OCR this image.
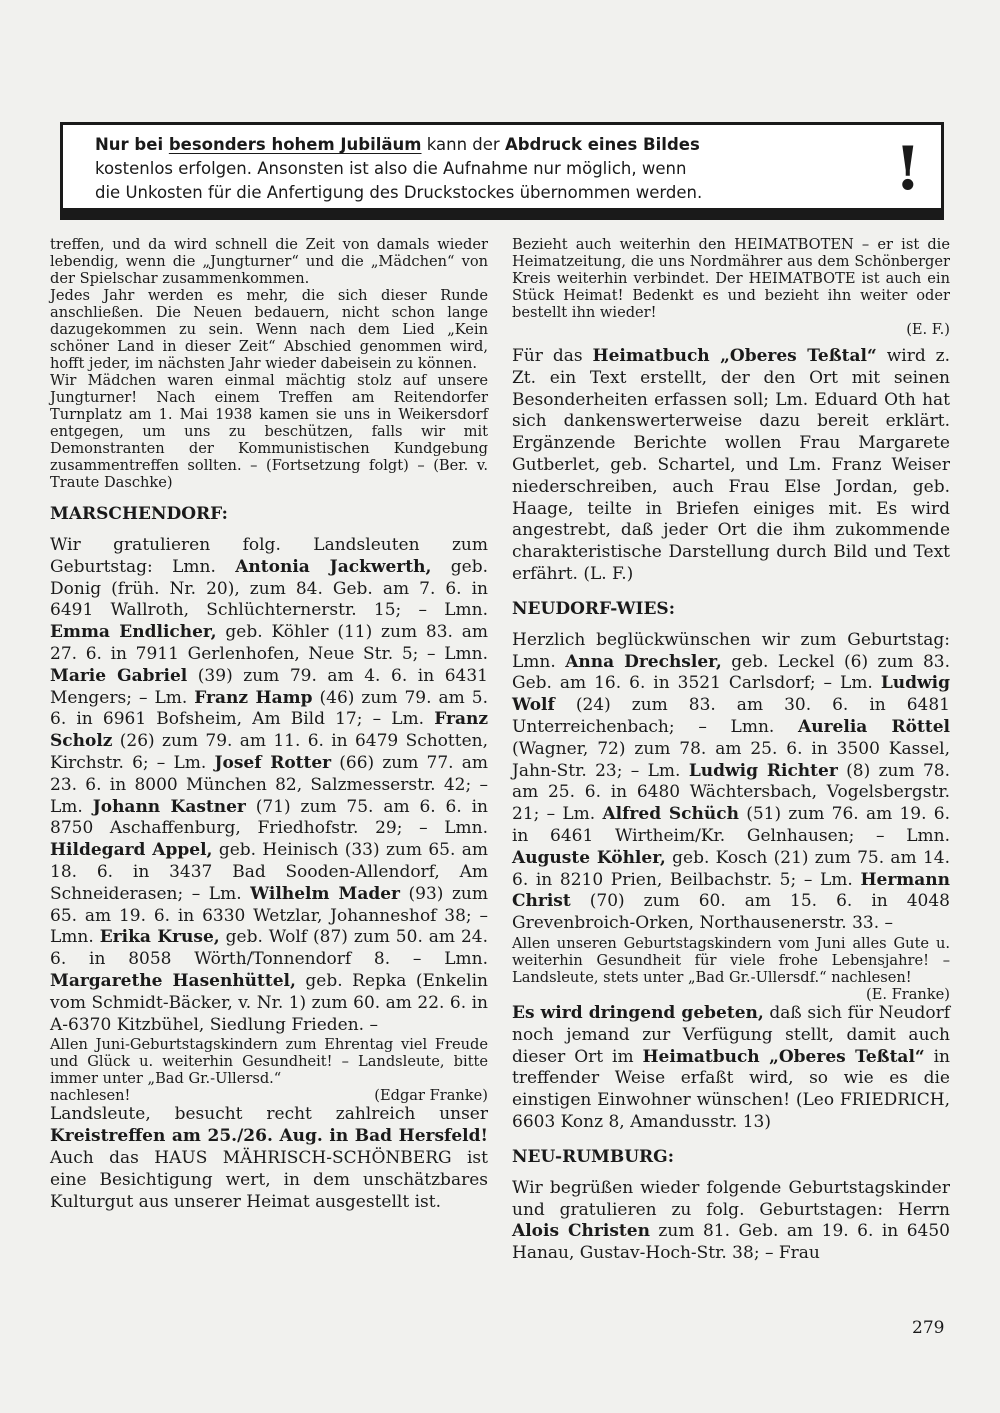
Nur bei besonders hohem Jubiläum kann der Abdruck eines Bildes
kostenlos erfolgen. Ansonsten ist also die Aufnahme nur möglich, wenn
die Unkosten für die Anfertigung des Druckstockes übernommen werden.	!

treffen, und da wird schnell die Zeit von damals wieder lebendig, wenn die „Jungturner“ und die „Mädchen“ von der Spielschar zusammenkommen.

Jedes Jahr werden es mehr, die sich dieser Runde anschließen. Die Neuen bedauern, nicht schon lange dazugekommen zu sein. Wenn nach dem Lied „Kein schöner Land in dieser Zeit“ Abschied genommen wird, hofft jeder, im nächsten Jahr wieder dabeisein zu können.

Wir Mädchen waren einmal mächtig stolz auf unsere Jungturner! Nach einem Treffen am Reitendorfer Turnplatz am 1. Mai 1938 kamen sie uns in Weikersdorf entgegen, um uns zu beschützen, falls wir mit Demonstranten der Kommunistischen Kundgebung zusammentreffen sollten. – (Fortsetzung folgt) – (Ber. v. Traute Daschke)

MARSCHENDORF:

Wir gratulieren folg. Landsleuten zum Geburtstag: Lmn. Antonia Jackwerth, geb. Donig (früh. Nr. 20), zum 84. Geb. am 7. 6. in 6491 Wallroth, Schlüchternerstr. 15; – Lmn. Emma Endlicher, geb. Köhler (11) zum 83. am 27. 6. in 7911 Gerlenhofen, Neue Str. 5; – Lmn. Marie Gabriel (39) zum 79. am 4. 6. in 6431 Mengers; – Lm. Franz Hamp (46) zum 79. am 5. 6. in 6961 Bofsheim, Am Bild 17; – Lm. Franz Scholz (26) zum 79. am 11. 6. in 6479 Schotten, Kirchstr. 6; – Lm. Josef Rotter (66) zum 77. am 23. 6. in 8000 München 82, Salzmesserstr. 42; – Lm. Johann Kastner (71) zum 75. am 6. 6. in 8750 Aschaffenburg, Friedhofstr. 29; – Lmn. Hildegard Appel, geb. Heinisch (33) zum 65. am 18. 6. in 3437 Bad Sooden-Allendorf, Am Schneiderasen; – Lm. Wilhelm Mader (93) zum 65. am 19. 6. in 6330 Wetzlar, Johanneshof 38; – Lmn. Erika Kruse, geb. Wolf (87) zum 50. am 24. 6. in 8058 Wörth/Tonnendorf 8. – Lmn. Margarethe Hasenhüttel, geb. Repka (Enkelin vom Schmidt-Bäcker, v. Nr. 1) zum 60. am 22. 6. in A-6370 Kitzbühel, Siedlung Frieden. –

Allen Juni-Geburtstagskindern zum Ehrentag viel Freude und Glück u. weiterhin Gesundheit! – Landsleute, bitte immer unter „Bad Gr.-Ullersd.“

nachlesen!	(Edgar Franke)

Landsleute, besucht recht zahlreich unser Kreistreffen am 25./26. Aug. in Bad Hersfeld! Auch das HAUS MÄHRISCH-SCHÖNBERG ist eine Besichtigung wert, in dem unschätzbares Kulturgut aus unserer Heimat ausgestellt ist.

Bezieht auch weiterhin den HEIMATBOTEN – er ist die Heimatzeitung, die uns Nordmährer aus dem Schönberger Kreis weiterhin verbindet. Der HEIMATBOTE ist auch ein Stück Heimat! Bedenkt es und bezieht ihn weiter oder bestellt ihn wieder!

(E. F.)

Für das Heimatbuch „Oberes Teßtal“ wird z. Zt. ein Text erstellt, der den Ort mit seinen Besonderheiten erfassen soll; Lm. Eduard Oth hat sich dankenswerterweise dazu bereit erklärt. Ergänzende Berichte wollen Frau Margarete Gutberlet, geb. Schartel, und Lm. Franz Weiser niederschreiben, auch Frau Else Jordan, geb. Haage, teilte in Briefen einiges mit. Es wird angestrebt, daß jeder Ort die ihm zukommende charakteristische Darstellung durch Bild und Text erfährt. (L. F.)

NEUDORF-WIES:

Herzlich beglückwünschen wir zum Geburtstag: Lmn. Anna Drechsler, geb. Leckel (6) zum 83. Geb. am 16. 6. in 3521 Carlsdorf; – Lm. Ludwig Wolf (24) zum 83. am 30. 6. in 6481 Unterreichenbach; – Lmn. Aurelia Röttel (Wagner, 72) zum 78. am 25. 6. in 3500 Kassel, Jahn-Str. 23; – Lm. Ludwig Richter (8) zum 78. am 25. 6. in 6480 Wächtersbach, Vogelsbergstr. 21; – Lm. Alfred Schüch (51) zum 76. am 19. 6. in 6461 Wirtheim/Kr. Gelnhausen; – Lmn. Auguste Köhler, geb. Kosch (21) zum 75. am 14. 6. in 8210 Prien, Beilbachstr. 5; – Lm. Hermann Christ (70) zum 60. am 15. 6. in 4048 Grevenbroich-Orken, Northausenerstr. 33. –

Allen unseren Geburtstagskindern vom Juni alles Gute u. weiterhin Gesundheit für viele frohe Lebensjahre! – Landsleute, stets unter „Bad Gr.-Ullersdf.“ nachlesen!
(E. Franke)

Es wird dringend gebeten, daß sich für Neudorf noch jemand zur Verfügung stellt, damit auch dieser Ort im Heimatbuch „Oberes Teßtal“ in treffender Weise erfaßt wird, so wie es die einstigen Einwohner wünschen! (Leo FRIEDRICH, 6603 Konz 8, Amandusstr. 13)

NEU-RUMBURG:

Wir begrüßen wieder folgende Geburtstagskinder und gratulieren zu folg. Geburtstagen: Herrn Alois Christen zum 81. Geb. am 19. 6. in 6450 Hanau, Gustav-Hoch-Str. 38; – Frau

279
